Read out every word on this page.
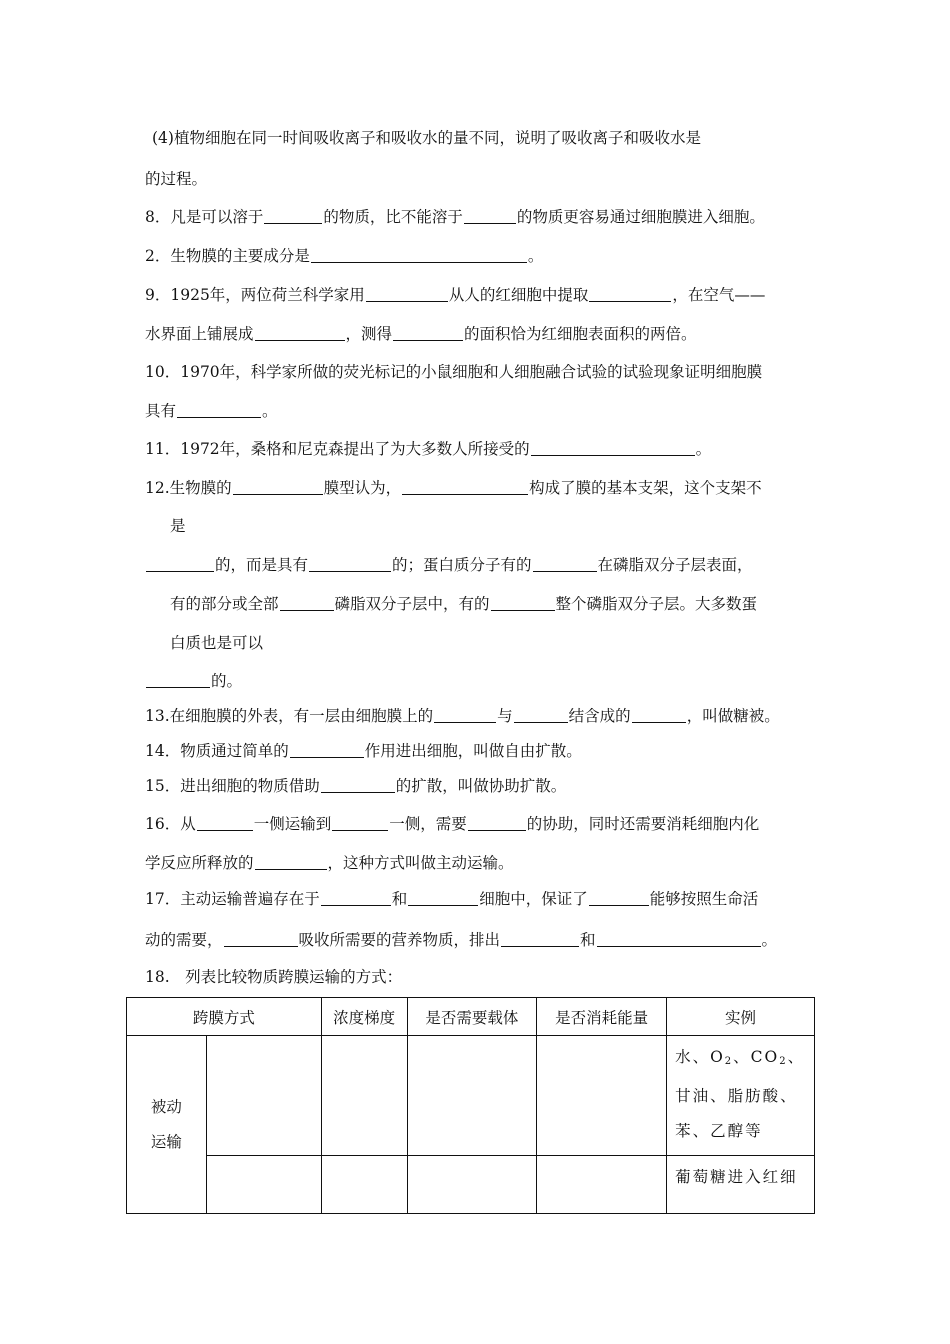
(4)植物细胞在同一时间吸收离子和吸收水的量不同，说明了吸收离子和吸收水是
的过程。
8．凡是可以溶于	的物质，比不能溶于	的物质更容易通过细胞膜进入细胞。
2．生物膜的主要成分是	。
9．1925年，两位荷兰科学家用	从人的红细胞中提取	，在空气——
水界面上铺展成	，测得	的面积恰为红细胞表面积的两倍。
10．1970年，科学家所做的荧光标记的小鼠细胞和人细胞融合试验的试验现象证明细胞膜
具有	。
11．1972年，桑格和尼克森提出了为大多数人所接受的	。
12.生物膜的	膜型认为，	构成了膜的基本支架，这个支架不
是
的，而是具有	的；蛋白质分子有的	在磷脂双分子层表面，
有的部分或全部	磷脂双分子层中，有的	整个磷脂双分子层。大多数蛋
白质也是可以
的。
13.在细胞膜的外表，有一层由细胞膜上的	与	结含成的	，叫做糖被。
14．物质通过简单的	作用进出细胞，叫做自由扩散。
15．进出细胞的物质借助	的扩散，叫做协助扩散。
16．从	一侧运输到	一侧，需要	的协助，同时还需要消耗细胞内化
学反应所释放的	，这种方式叫做主动运输。
17．主动运输普遍存在于	和	细胞中，保证了	能够按照生命活
动的需要，	吸收所需要的营养物质，排出	和	。
18.　列表比较物质跨膜运输的方式：
跨膜方式		浓度梯度	是否需要载体	是否消耗能量	实例
被动
运输					水、$O_2$、$CO_2$、甘油、脂肪酸、苯、乙醇等
					葡萄糖进入红细
